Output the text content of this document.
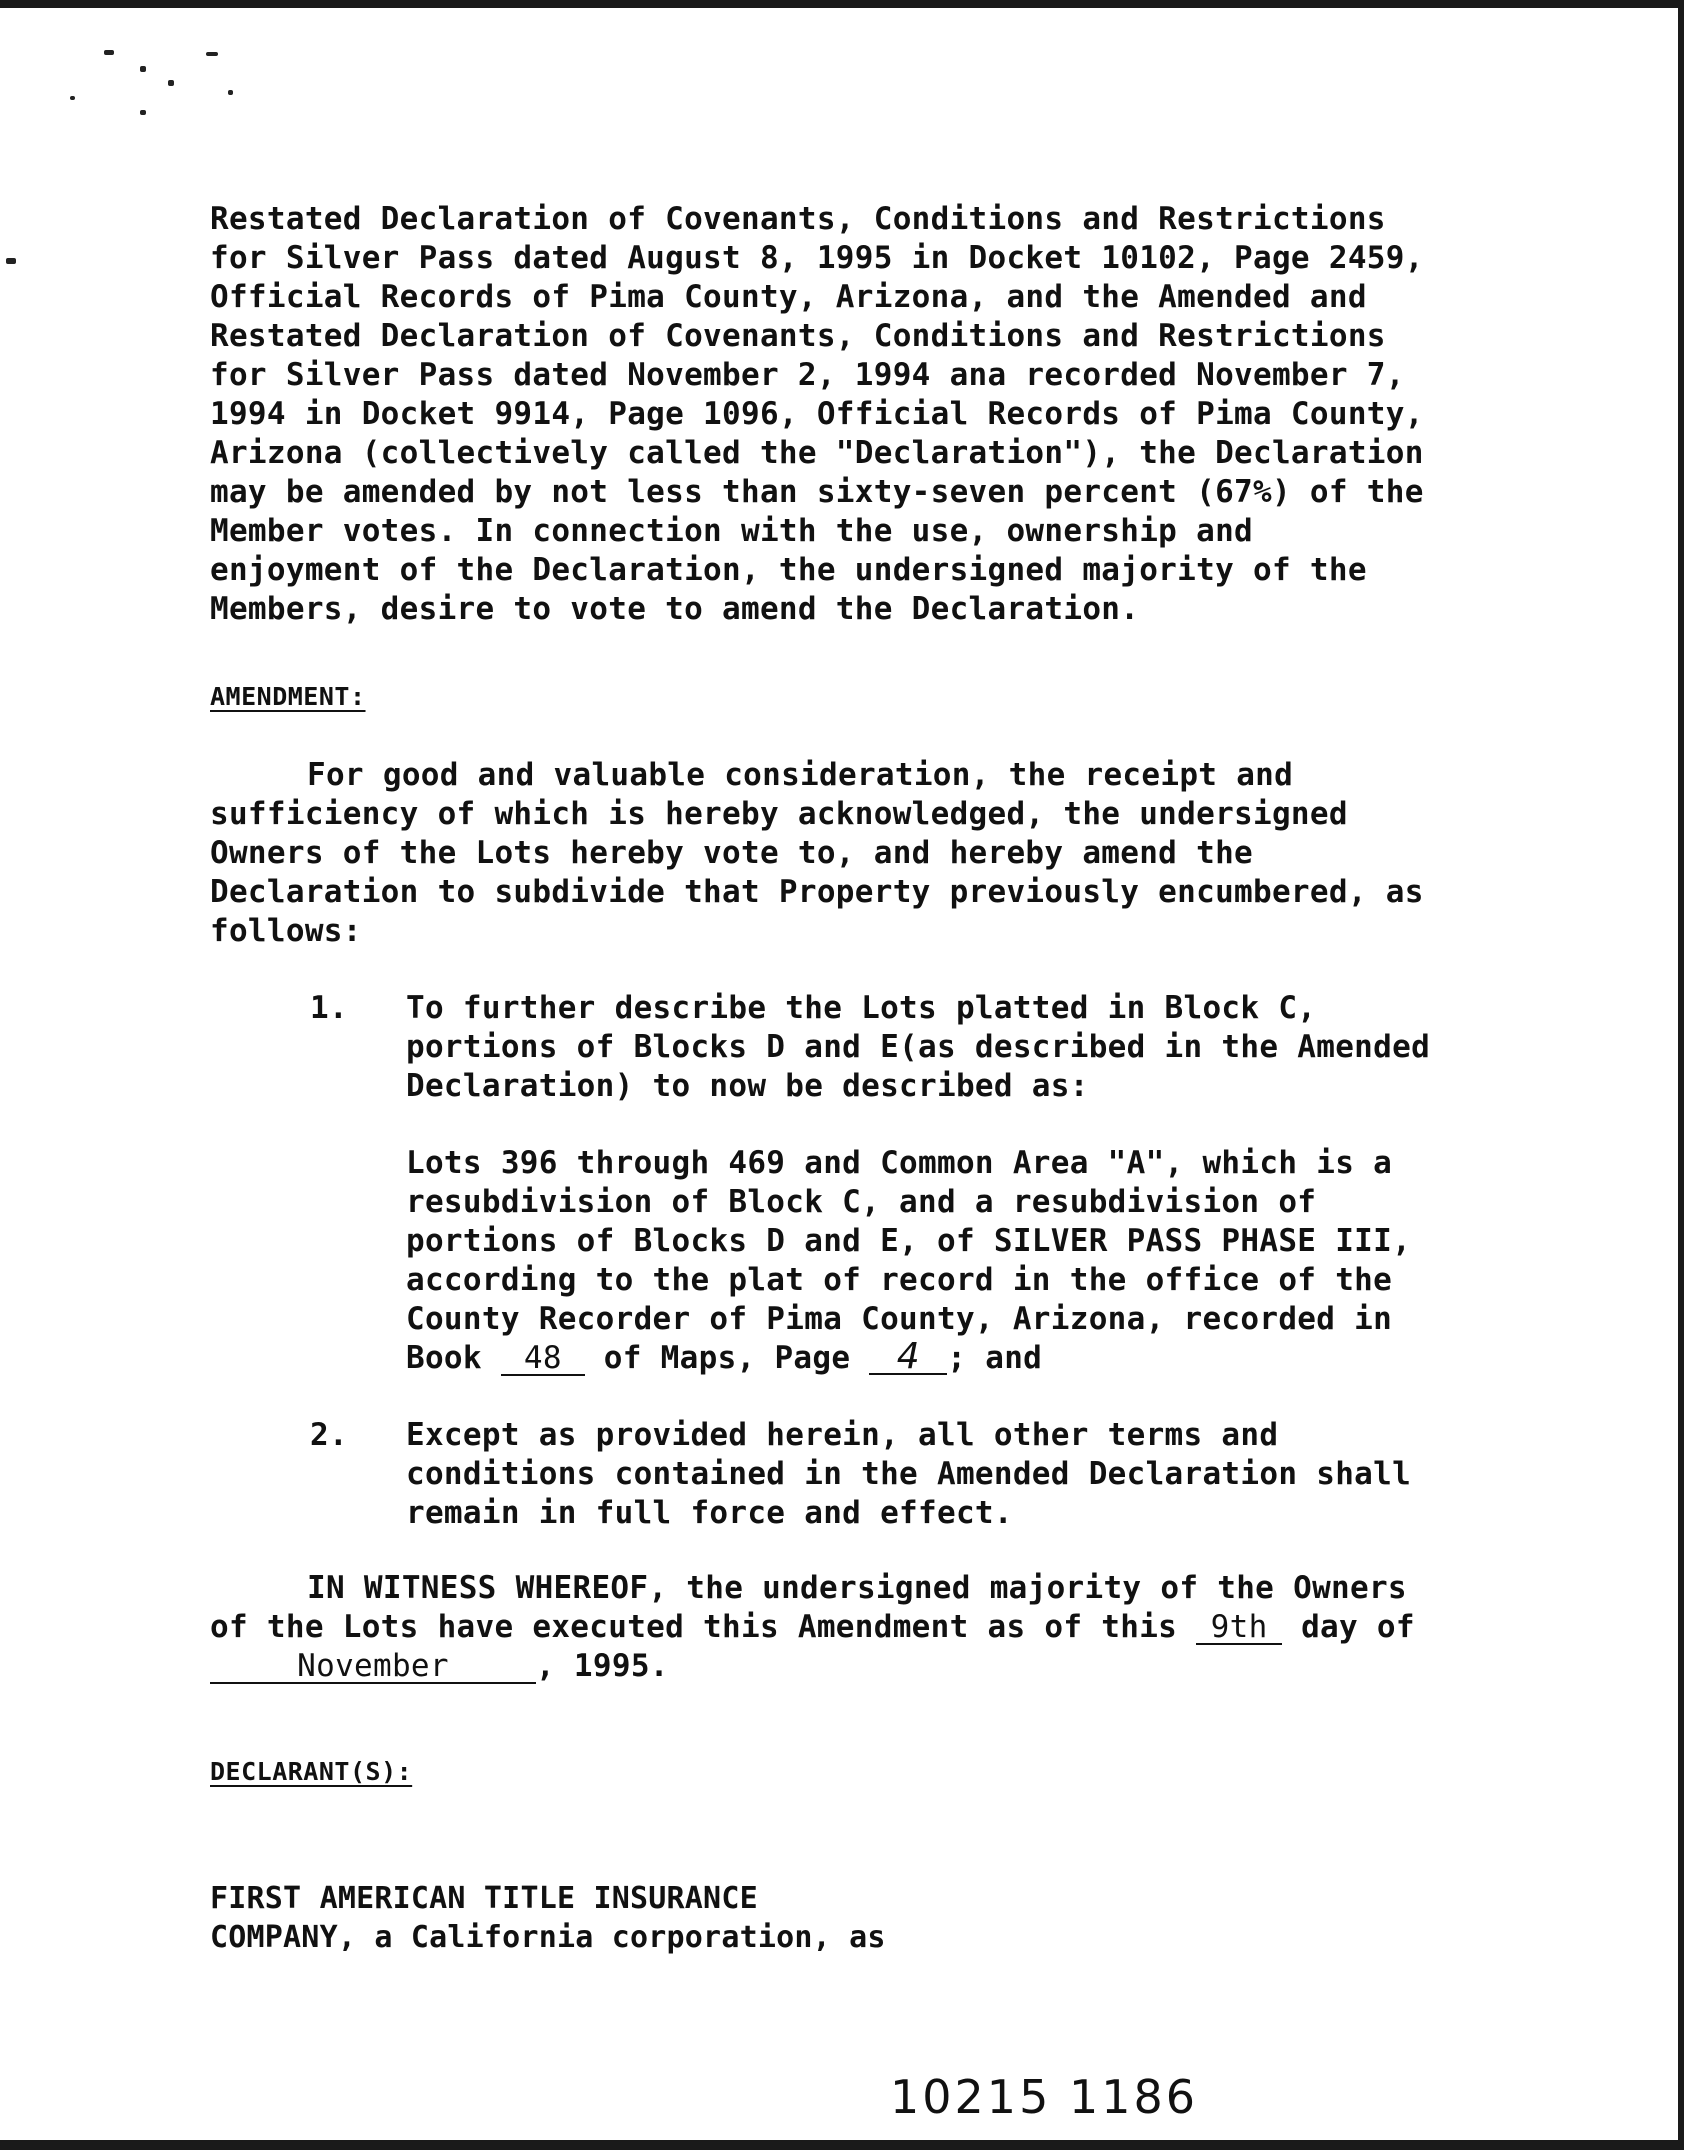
Restated Declaration of Covenants, Conditions and Restrictions
for Silver Pass dated August 8, 1995 in Docket 10102, Page 2459,
Official Records of Pima County, Arizona, and the Amended and
Restated Declaration of Covenants, Conditions and Restrictions
for Silver Pass dated November 2, 1994 ana recorded November 7,
1994 in Docket 9914, Page 1096, Official Records of Pima County,
Arizona (collectively called the "Declaration"), the Declaration
may be amended by not less than sixty-seven percent (67%) of the
Member votes. In connection with the use, ownership and
enjoyment of the Declaration, the undersigned majority of the
Members, desire to vote to amend the Declaration.

AMENDMENT:

For good and valuable consideration, the receipt and
sufficiency of which is hereby acknowledged, the undersigned
Owners of the Lots hereby vote to, and hereby amend the
Declaration to subdivide that Property previously encumbered, as
follows:

1. To further describe the Lots platted in Block C,
portions of Blocks D and E(as described in the Amended
Declaration) to now be described as:
Lots 396 through 469 and Common Area "A", which is a
resubdivision of Block C, and a resubdivision of
portions of Blocks D and E, of SILVER PASS PHASE III,
according to the plat of record in the office of the
County Recorder of Pima County, Arizona, recorded in
Book 48 of Maps, Page 4 ; and
2. Except as provided herein, all other terms and
conditions contained in the Amended Declaration shall
remain in full force and effect.
IN WITNESS WHEREOF, the undersigned majority of the Owners
of the Lots have executed this Amendment as of this 9th day of
November	, 1995.
DECLARANT(S):
FIRST AMERICAN TITLE INSURANCE
COMPANY, a California corporation, as
10215 1186
